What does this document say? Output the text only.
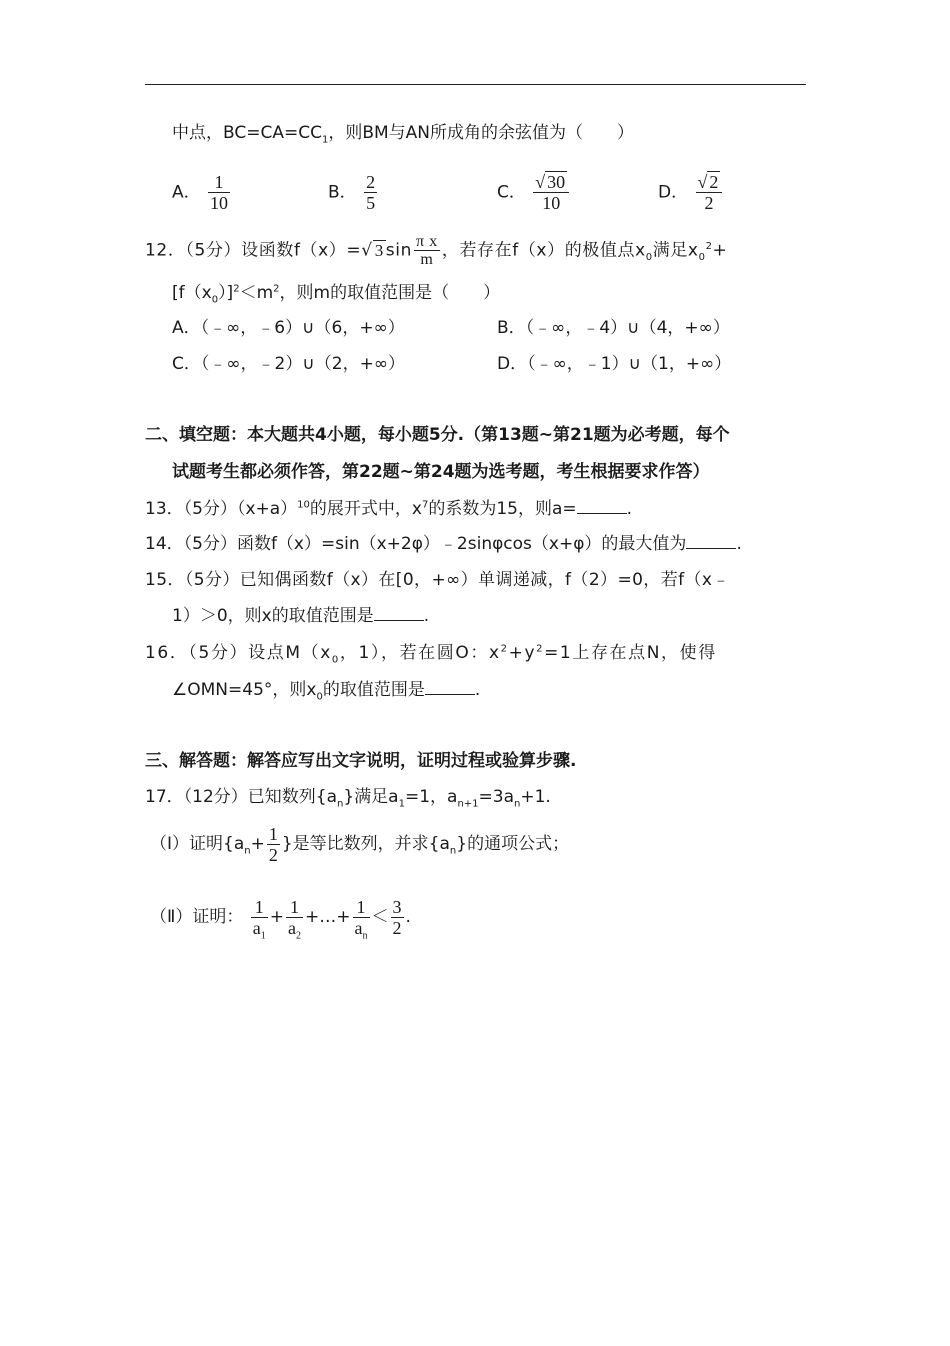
中点，$BC=CA=CC_1$，则BM与AN所成角的余弦值为（　　）
A． $\frac{1}{10}$	B． $\frac{2}{5}$	C． $\frac{√ 30}{10}$	D． $\frac{√ 2}{2}$
12．（5分）设函数f（x）=√ 3 $\sin \frac{\text{π x}}{m}$ ，若存在f（x）的极值点$x_0$满足$x_0^2+$
$[f(x_0)]^2<m^2$，则m的取值范围是（　　）
A．（﹣∞，﹣6）∪（6，+∞）	B．（﹣∞，﹣4）∪（4，+∞）
C．（﹣∞，﹣2）∪（2，+∞）	D．（﹣∞，﹣1）∪（1，+∞）
二、填空题：本大题共4小题，每小题5分.（第13题~第21题为必考题，每个
试题考生都必须作答，第22题~第24题为选考题，考生根据要求作答）
13．（5分）$(x+a)^{10}$的展开式中，$x^7$的系数为15，则a=	.
14．（5分）函数f（x）=sin（x+2φ）﹣2sinφcos（x+φ）的最大值为	.
15．（5分）已知偶函数f（x）在[0，+∞）单调递减，f（2）=0，若f（x﹣
1）＞0，则x的取值范围是	.
16．（5分）设点$M(x_0$，1），若在圆O：$x^2+y^2=1$上存在点N，使得
∠OMN=45°，则$x_0$的取值范围是	.
三、解答题：解答应写出文字说明，证明过程或验算步骤.
17．（12分）已知数列$\{a_n\}$满足$a_1=1$，$a_{n+1}=3a_n+1$.
（Ⅰ）证明{$a_n+ \frac{1}{2}$ }是等比数列，并求$\{a_n\}$的通项公式；
（Ⅱ）证明： $\frac{1}{a_1} + \frac{1}{a_2}$ +…+ $\frac{1}{a_n} < \frac{3}{2}$ .
